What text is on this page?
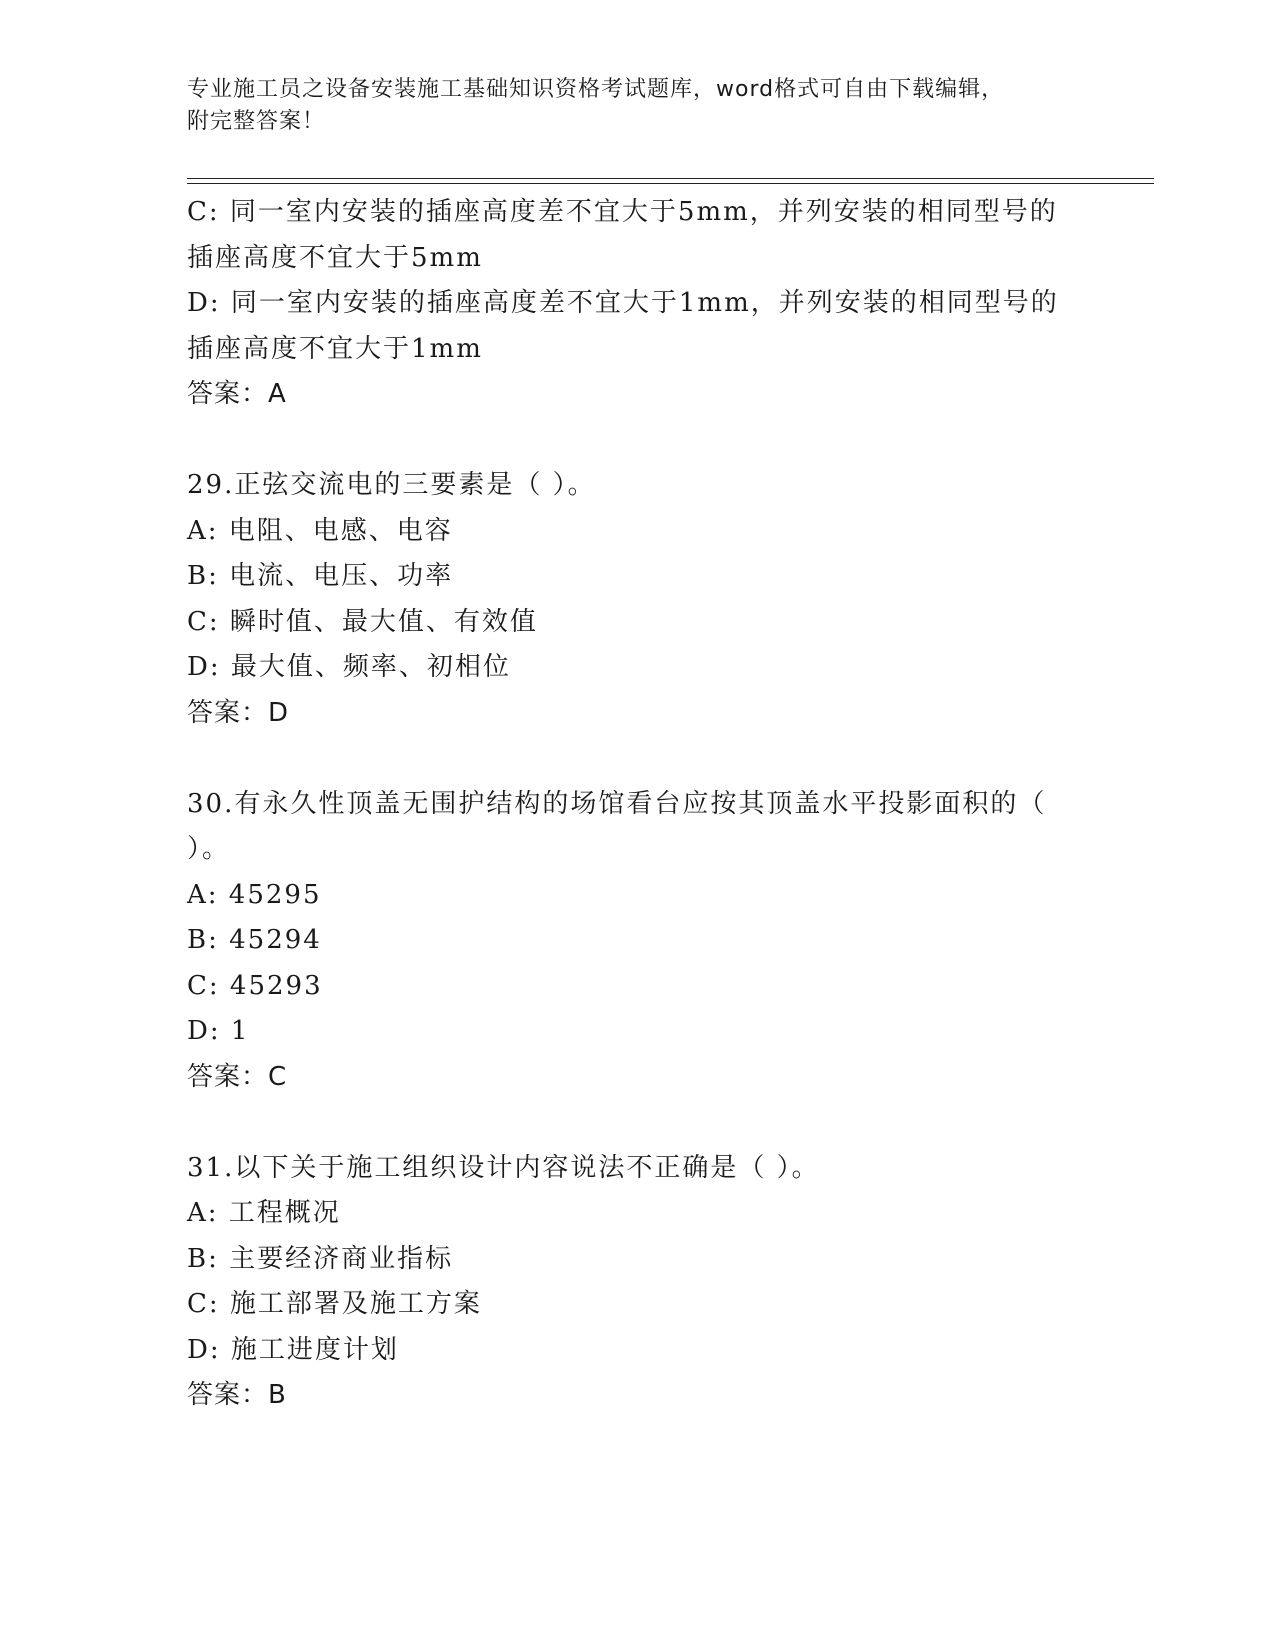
专业施工员之设备安装施工基础知识资格考试题库，word格式可自由下载编辑，
附完整答案！
C: 同一室内安装的插座高度差不宜大于5mm，并列安装的相同型号的
插座高度不宜大于5mm
D: 同一室内安装的插座高度差不宜大于1mm，并列安装的相同型号的
插座高度不宜大于1mm
答案：A
29.正弦交流电的三要素是（ ）。
A: 电阻、电感、电容
B: 电流、电压、功率
C: 瞬时值、最大值、有效值
D: 最大值、频率、初相位
答案：D
30.有永久性顶盖无围护结构的场馆看台应按其顶盖水平投影面积的（
）。
A: 45295
B: 45294
C: 45293
D: 1
答案：C
31.以下关于施工组织设计内容说法不正确是（ ）。
A: 工程概况
B: 主要经济商业指标
C: 施工部署及施工方案
D: 施工进度计划
答案：B
